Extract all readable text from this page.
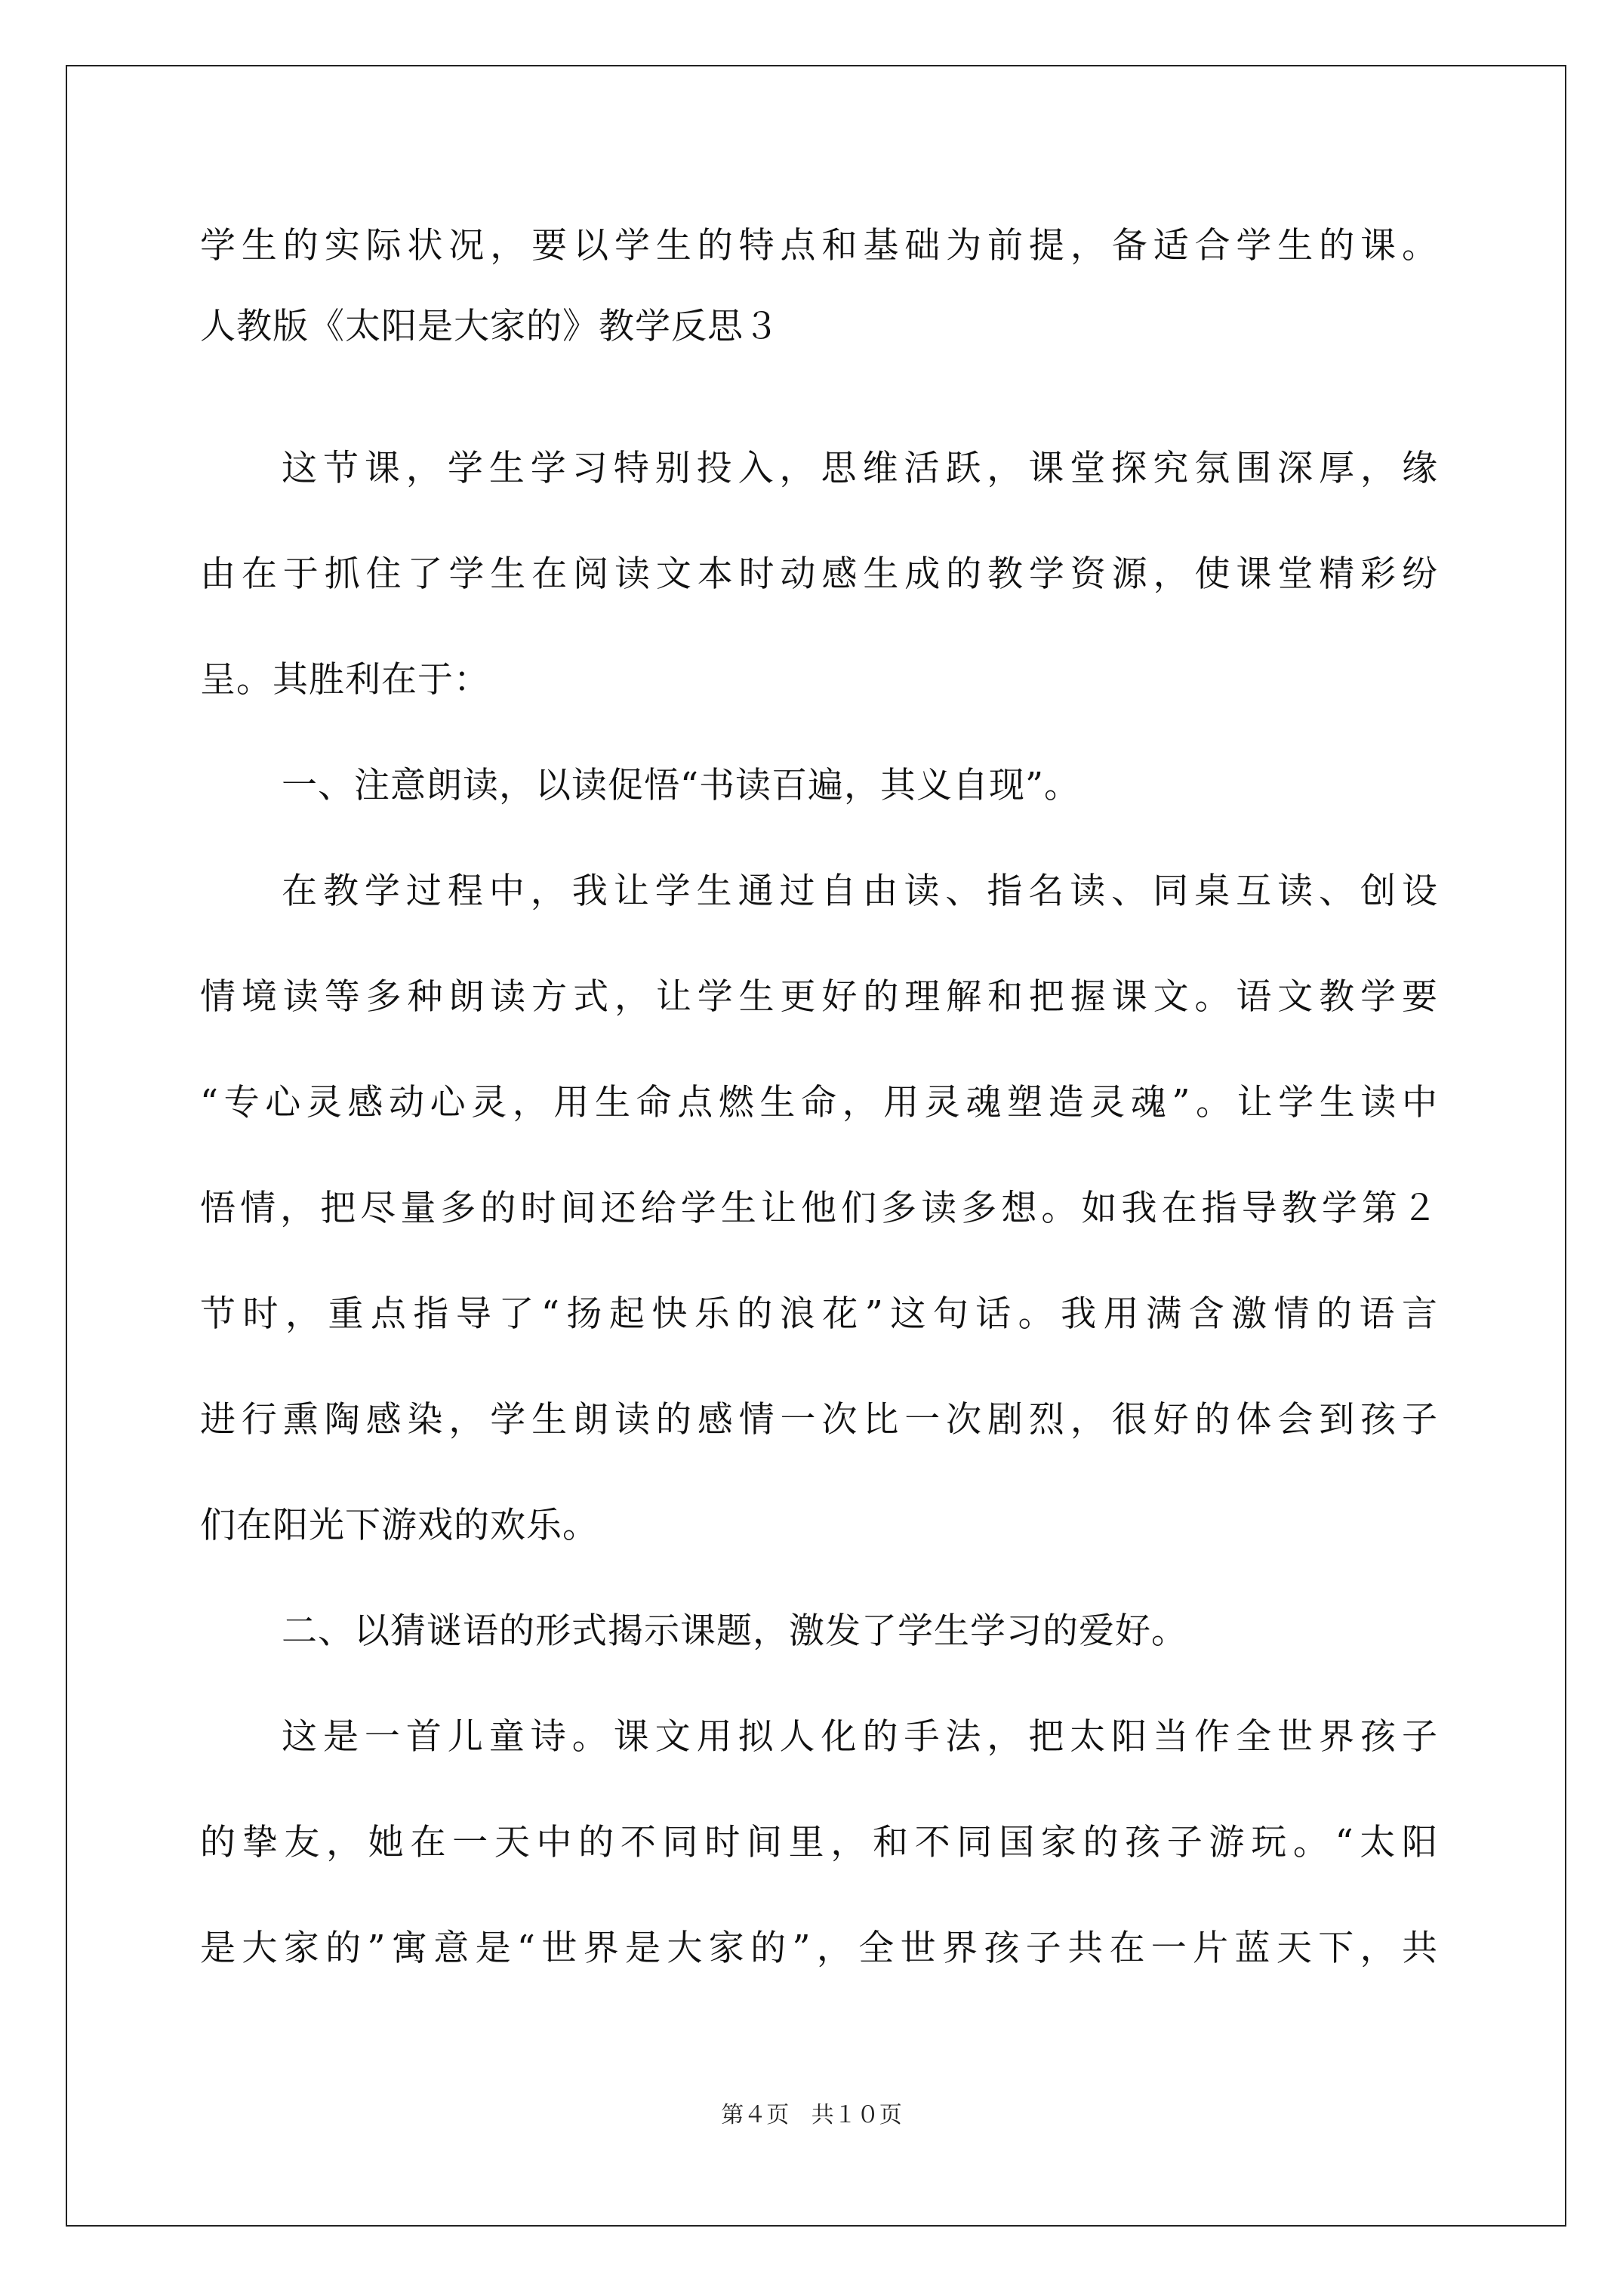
学生的实际状况，要以学生的特点和基础为前提，备适合学生的课。
人教版《太阳是大家的》教学反思３
这节课，学生学习特别投入，思维活跃，课堂探究氛围深厚，缘
由在于抓住了学生在阅读文本时动感生成的教学资源，使课堂精彩纷
呈。其胜利在于：
一、注意朗读，以读促悟“书读百遍，其义自现”。
在教学过程中，我让学生通过自由读、指名读、同桌互读、创设
情境读等多种朗读方式，让学生更好的理解和把握课文。语文教学要
“专心灵感动心灵，用生命点燃生命，用灵魂塑造灵魂”。让学生读中
悟情，把尽量多的时间还给学生让他们多读多想。如我在指导教学第２
节时，重点指导了“扬起快乐的浪花”这句话。我用满含激情的语言
进行熏陶感染，学生朗读的感情一次比一次剧烈，很好的体会到孩子
们在阳光下游戏的欢乐。
二、以猜谜语的形式揭示课题，激发了学生学习的爱好。
这是一首儿童诗。课文用拟人化的手法，把太阳当作全世界孩子
的挚友，她在一天中的不同时间里，和不同国家的孩子游玩。“太阳
是大家的”寓意是“世界是大家的”，全世界孩子共在一片蓝天下，共
第４页 共１０页
